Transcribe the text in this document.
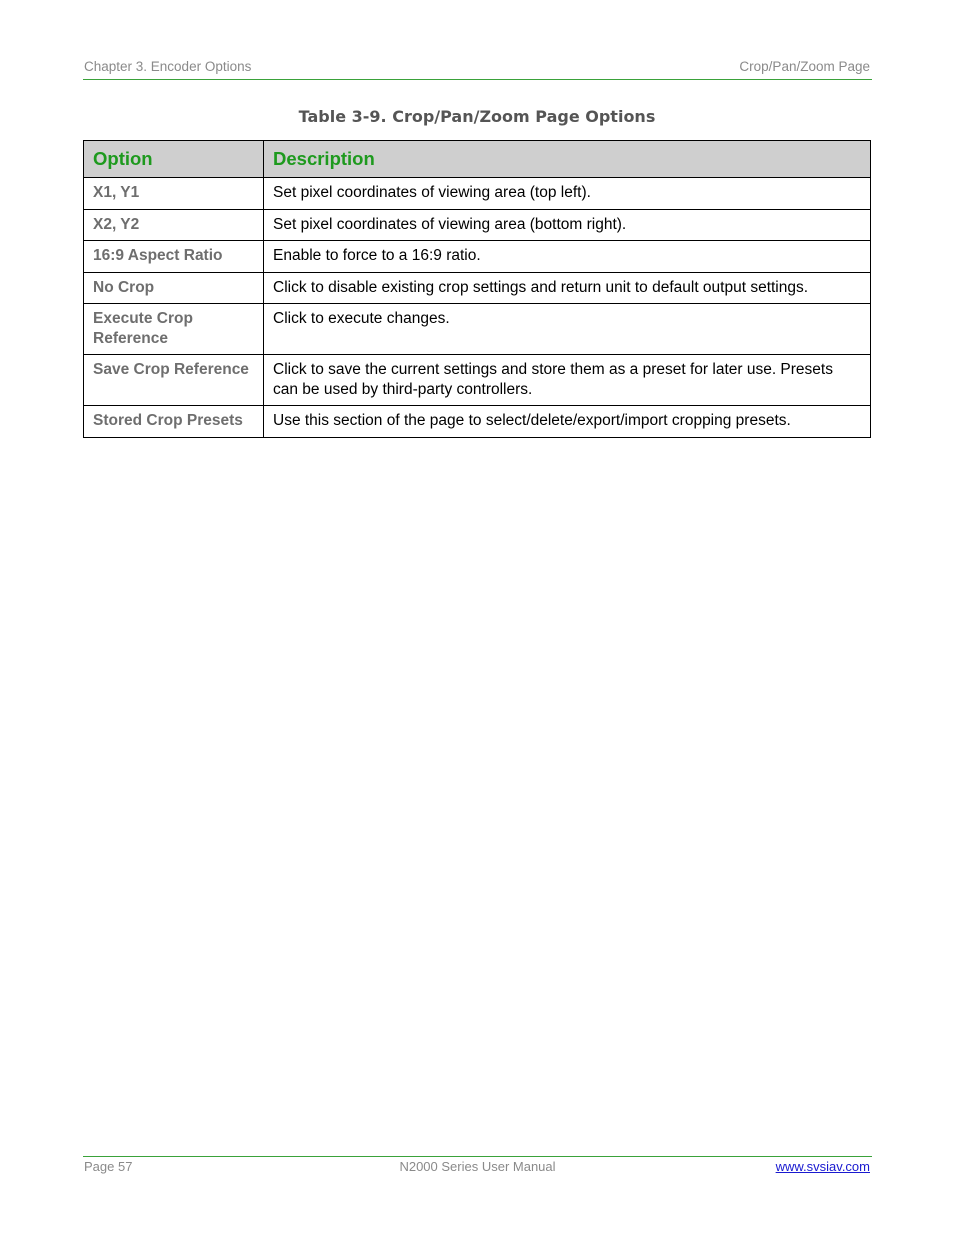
Chapter 3. Encoder Options	Crop/Pan/Zoom Page
Table 3-9. Crop/Pan/Zoom Page Options
Option	Description
X1, Y1	Set pixel coordinates of viewing area (top left).
X2, Y2	Set pixel coordinates of viewing area (bottom right).
16:9 Aspect Ratio	Enable to force to a 16:9 ratio.
No Crop	Click to disable existing crop settings and return unit to default output settings.
Execute Crop Reference	Click to execute changes.
Save Crop Reference	Click to save the current settings and store them as a preset for later use. Presets can be used by third-party controllers.
Stored Crop Presets	Use this section of the page to select/delete/export/import cropping presets.
Page 57	N2000 Series User Manual	www.svsiav.com
